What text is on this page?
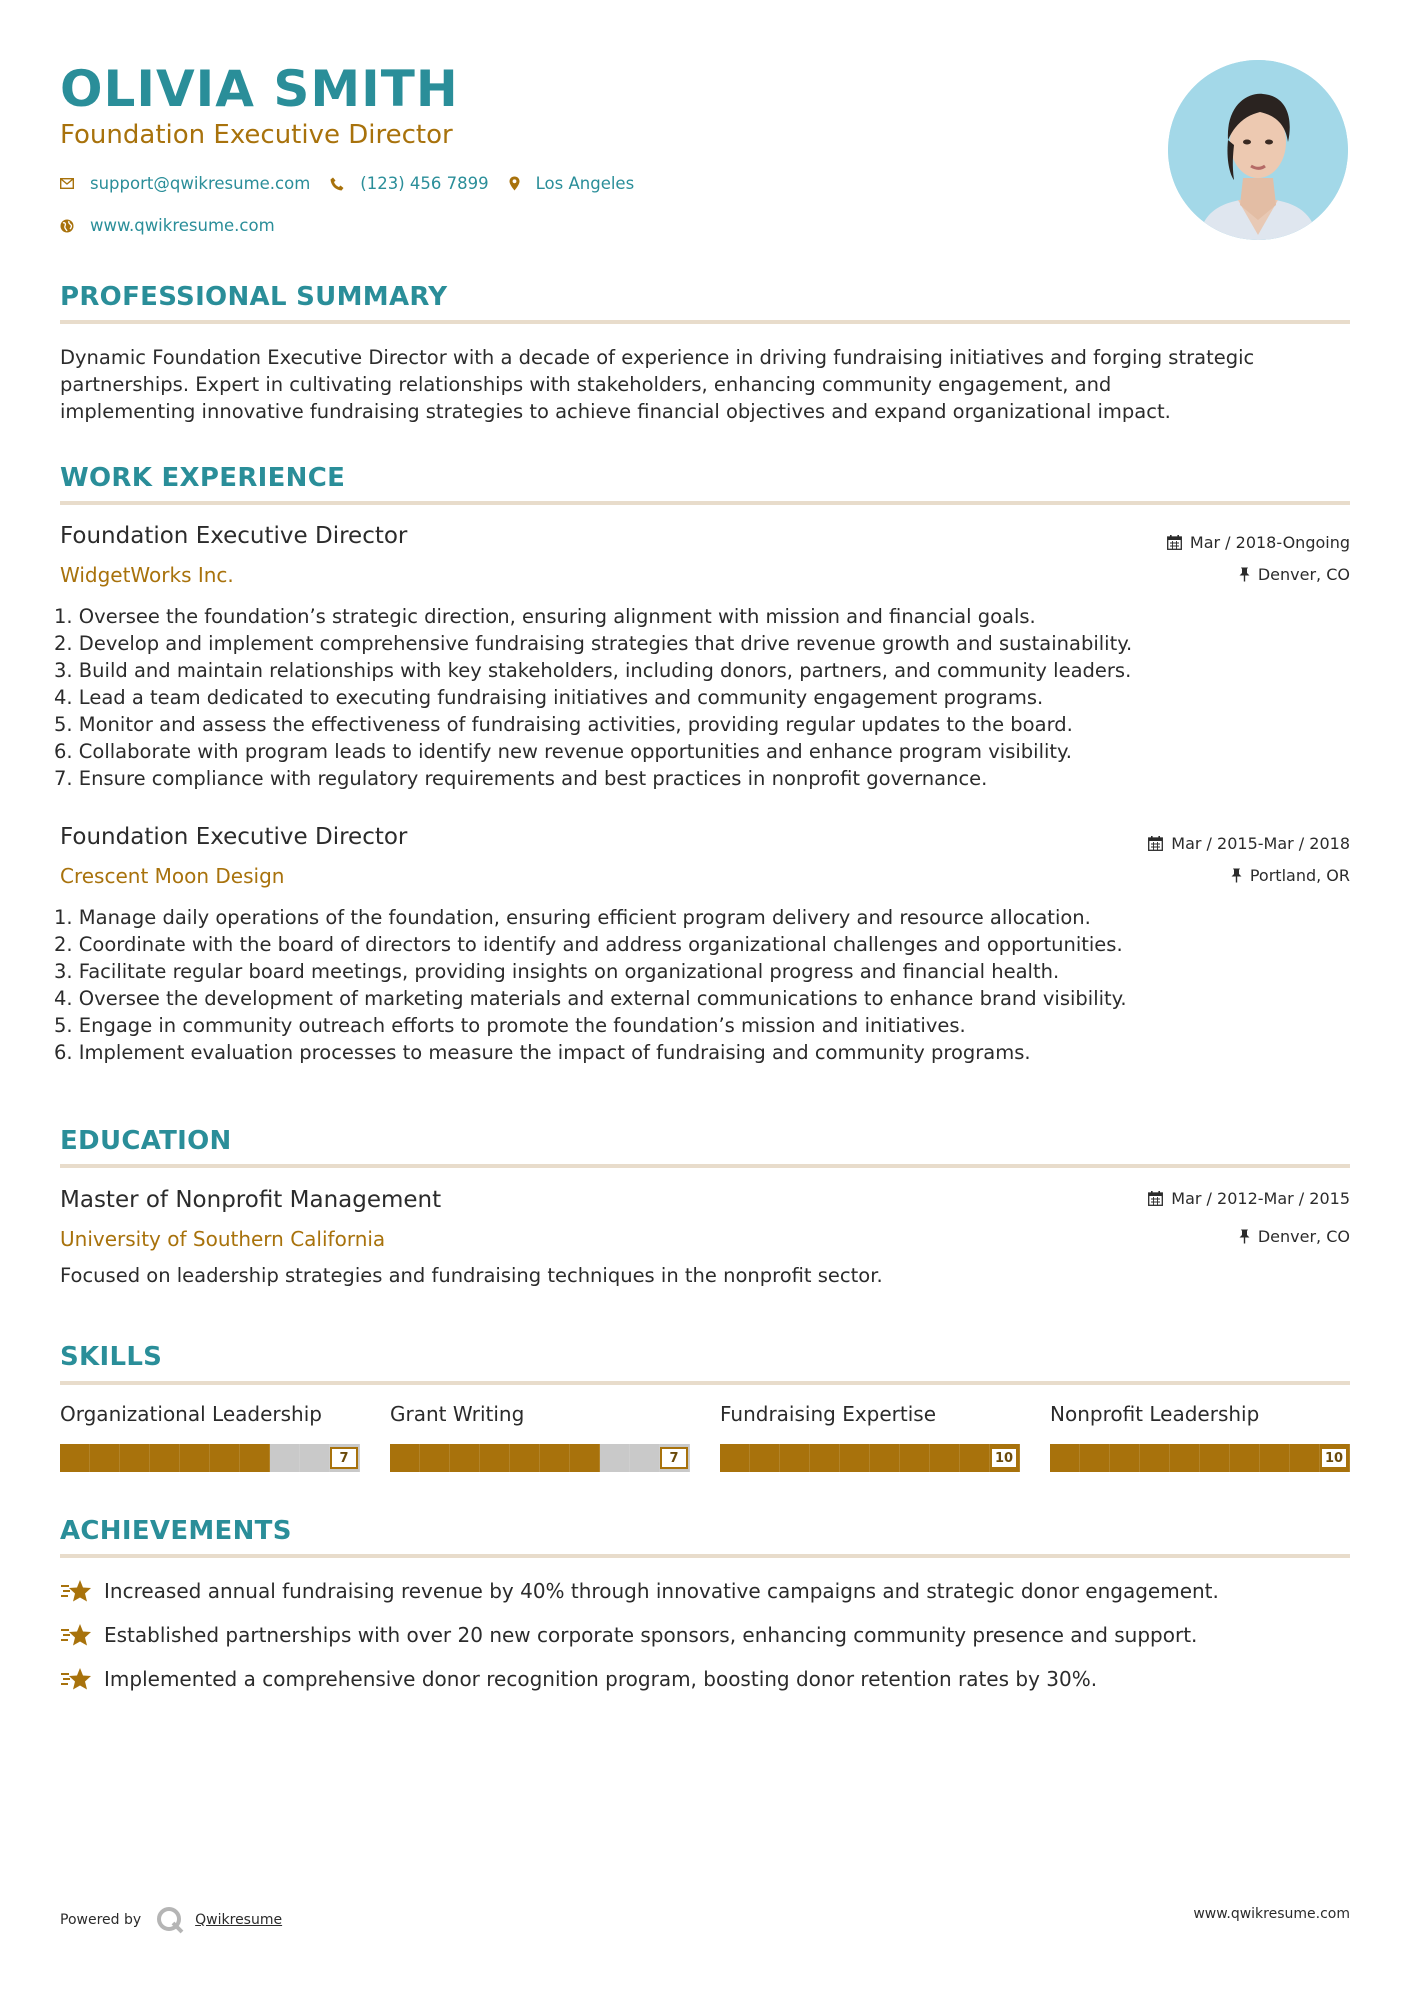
OLIVIA SMITH
Foundation Executive Director
support@qwikresume.com	(123) 456 7899	Los Angeles
www.qwikresume.com
PROFESSIONAL SUMMARY
Dynamic Foundation Executive Director with a decade of experience in driving fundraising initiatives and forging strategic
partnerships. Expert in cultivating relationships with stakeholders, enhancing community engagement, and
implementing innovative fundraising strategies to achieve financial objectives and expand organizational impact.
WORK EXPERIENCE
Foundation Executive Director	Mar / 2018-Ongoing
WidgetWorks Inc.	Denver, CO
1. Oversee the foundation’s strategic direction, ensuring alignment with mission and financial goals.
2. Develop and implement comprehensive fundraising strategies that drive revenue growth and sustainability.
3. Build and maintain relationships with key stakeholders, including donors, partners, and community leaders.
4. Lead a team dedicated to executing fundraising initiatives and community engagement programs.
5. Monitor and assess the effectiveness of fundraising activities, providing regular updates to the board.
6. Collaborate with program leads to identify new revenue opportunities and enhance program visibility.
7. Ensure compliance with regulatory requirements and best practices in nonprofit governance.
Foundation Executive Director	Mar / 2015-Mar / 2018
Crescent Moon Design	Portland, OR
1. Manage daily operations of the foundation, ensuring efficient program delivery and resource allocation.
2. Coordinate with the board of directors to identify and address organizational challenges and opportunities.
3. Facilitate regular board meetings, providing insights on organizational progress and financial health.
4. Oversee the development of marketing materials and external communications to enhance brand visibility.
5. Engage in community outreach efforts to promote the foundation’s mission and initiatives.
6. Implement evaluation processes to measure the impact of fundraising and community programs.
EDUCATION
Master of Nonprofit Management	Mar / 2012-Mar / 2015
University of Southern California	Denver, CO
Focused on leadership strategies and fundraising techniques in the nonprofit sector.
SKILLS
Organizational Leadership
7
Grant Writing
7
Fundraising Expertise
10
Nonprofit Leadership
10
ACHIEVEMENTS
Increased annual fundraising revenue by 40% through innovative campaigns and strategic donor engagement.
Established partnerships with over 20 new corporate sponsors, enhancing community presence and support.
Implemented a comprehensive donor recognition program, boosting donor retention rates by 30%.
Powered by	Qwikresume	www.qwikresume.com
